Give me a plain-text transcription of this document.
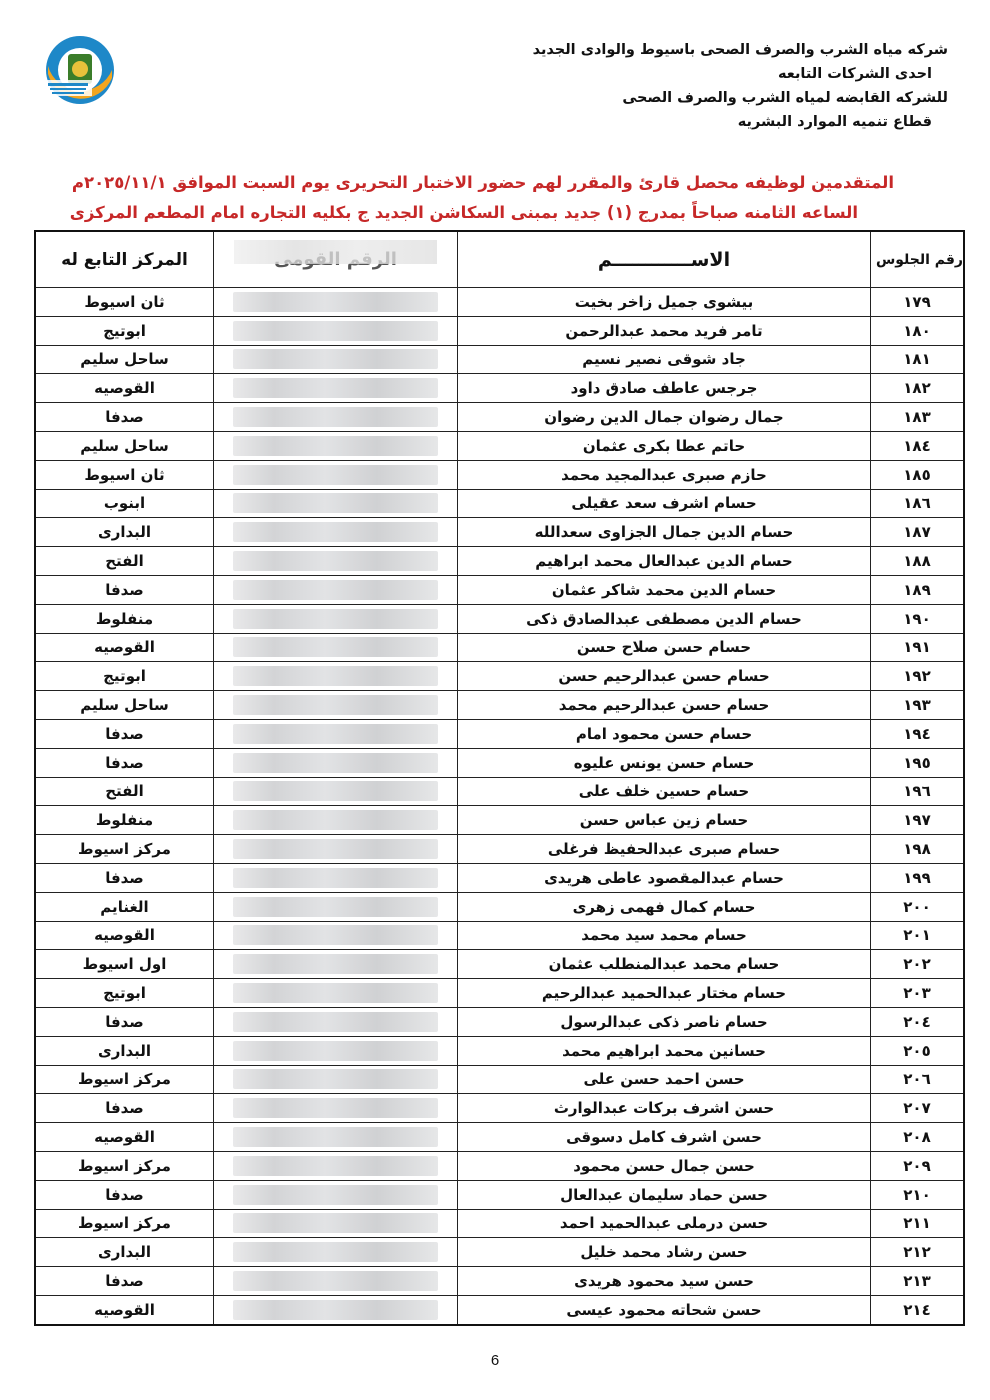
شركه مياه الشرب والصرف الصحى باسيوط والوادى الجديد
احدى الشركات التابعه
للشركه القابضه لمياه الشرب والصرف الصحى
قطاع تنميه الموارد البشريه
المتقدمين لوظيفه محصل قارئ والمقرر لهم حضور الاختبار التحريرى يوم السبت الموافق ٢٠٢٥/١١/١م
الساعه الثامنه صباحاً بمدرج (١) جديد بمبنى السكاشن الجديد ج بكليه التجاره امام المطعم المركزى
رقم الجلوس	الاســــــــــــم		المركز التابع له
١٧٩	بيشوى جميل زاخر بخيت		ثان اسيوط
١٨٠	تامر فريد محمد عبدالرحمن		ابوتيج
١٨١	جاد شوقى نصير نسيم		ساحل سليم
١٨٢	جرجس عاطف صادق داود		القوصيه
١٨٣	جمال رضوان جمال الدين رضوان		صدفا
١٨٤	حاتم عطا بكرى عثمان		ساحل سليم
١٨٥	حازم صبرى عبدالمجيد محمد		ثان اسيوط
١٨٦	حسام اشرف سعد عقيلى		ابنوب
١٨٧	حسام الدين جمال الجزاوى سعدالله		البدارى
١٨٨	حسام الدين عبدالعال محمد ابراهيم		الفتح
١٨٩	حسام الدين محمد شاكر عثمان		صدفا
١٩٠	حسام الدين مصطفى عبدالصادق ذكى		منفلوط
١٩١	حسام حسن صلاح حسن		القوصيه
١٩٢	حسام حسن عبدالرحيم حسن		ابوتيج
١٩٣	حسام حسن عبدالرحيم محمد		ساحل سليم
١٩٤	حسام حسن محمود امام		صدفا
١٩٥	حسام حسن يونس عليوه		صدفا
١٩٦	حسام حسين خلف على		الفتح
١٩٧	حسام زين عباس حسن		منفلوط
١٩٨	حسام صبرى عبدالحفيظ فرغلى		مركز اسيوط
١٩٩	حسام عبدالمقصود عاطى هريدى		صدفا
٢٠٠	حسام كمال فهمى زهرى		الغنايم
٢٠١	حسام محمد سيد محمد		القوصيه
٢٠٢	حسام محمد عبدالمنطلب عثمان		اول اسيوط
٢٠٣	حسام مختار عبدالحميد عبدالرحيم		ابوتيج
٢٠٤	حسام ناصر ذكى عبدالرسول		صدفا
٢٠٥	حسانين محمد ابراهيم محمد		البدارى
٢٠٦	حسن احمد حسن على		مركز اسيوط
٢٠٧	حسن اشرف بركات عبدالوارث		صدفا
٢٠٨	حسن اشرف كامل دسوقى		القوصيه
٢٠٩	حسن جمال حسن محمود		مركز اسيوط
٢١٠	حسن حماد سليمان عبدالعال		صدفا
٢١١	حسن درملى عبدالحميد احمد		مركز اسيوط
٢١٢	حسن رشاد محمد خليل		البدارى
٢١٣	حسن سيد محمود هريدى		صدفا
٢١٤	حسن شحاته محمود عيسى		القوصيه
6
